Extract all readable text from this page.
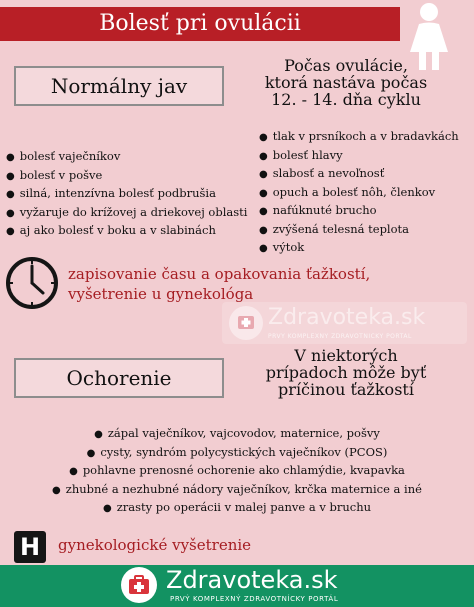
Bolesť pri ovulácii
Normálny jav
Počas ovulácie,
ktorá nastáva počas
12. - 14. dňa cyklu
● tlak v prsníkoch a v bradavkách
● bolesť hlavy
● slabosť a nevoľnosť
● opuch a bolesť nôh, členkov
● nafúknuté brucho
● zvýšená telesná teplota
● výtok
● bolesť vaječníkov
● bolesť v pošve
● silná, intenzívna bolesť podbrušia
● vyžaruje do krížovej a driekovej oblasti
● aj ako bolesť v boku a v slabinách
zapisovanie času a opakovania ťažkostí,
vyšetrenie u gynekológa
Zdravoteka.sk
PRVÝ KOMPLEXNÝ ZDRAVOTNÍCKY PORTÁL
Ochorenie
V niektorých
prípadoch môže byť
príčinou ťažkostí
● zápal vaječníkov, vajcovodov, maternice, pošvy
● cysty, syndróm polycystických vaječníkov (PCOS)
● pohlavne prenosné ochorenie ako chlamýdie, kvapavka
● zhubné a nezhubné nádory vaječníkov, krčka maternice a iné
● zrasty po operácii v malej panve a v bruchu
H	gynekologické vyšetrenie
Zdravoteka.sk
PRVÝ KOMPLEXNÝ ZDRAVOTNÍCKY PORTÁL
